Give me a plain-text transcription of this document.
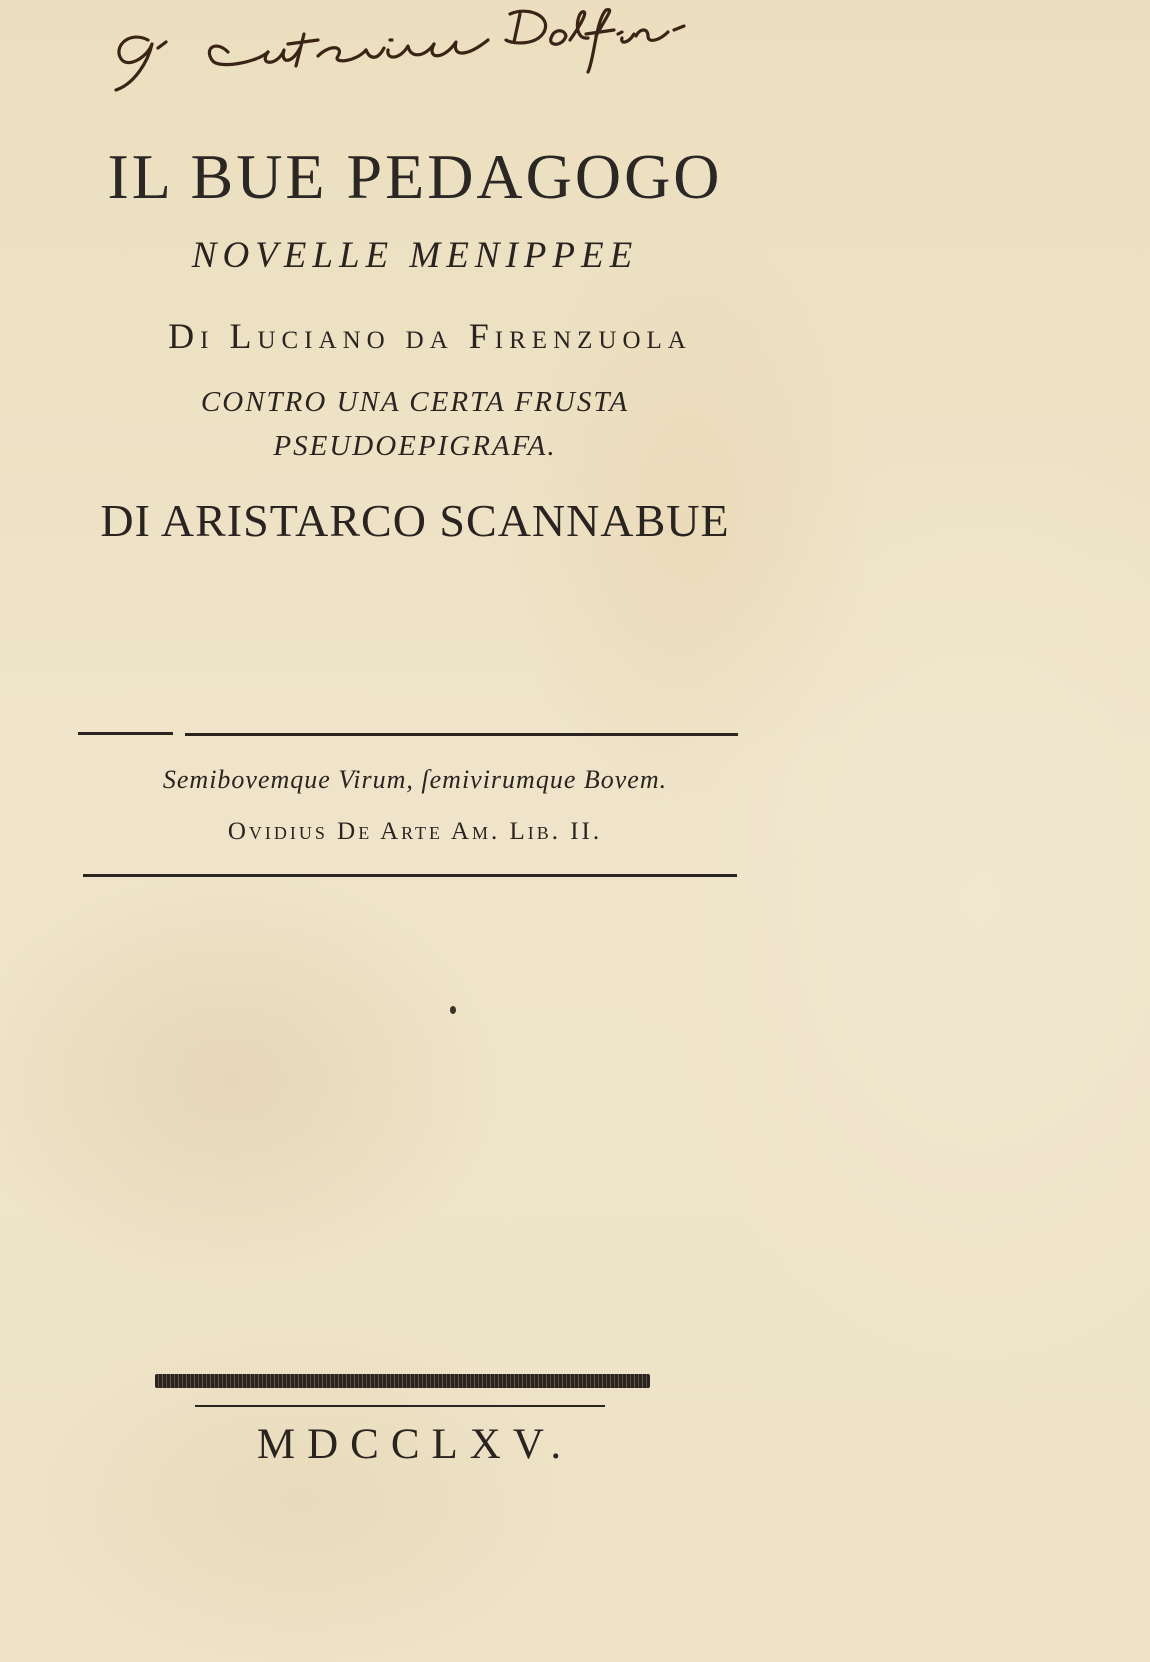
IL BUE PEDAGOGO
NOVELLE MENIPPEE
Di Luciano da Firenzuola
CONTRO UNA CERTA FRUSTA
PSEUDOEPIGRAFA.
DI ARISTARCO SCANNABUE
Semibovemque Virum, ſemivirumque Bovem.
Ovidius De Arte Am. Lib. II.
MDCCLXV.
